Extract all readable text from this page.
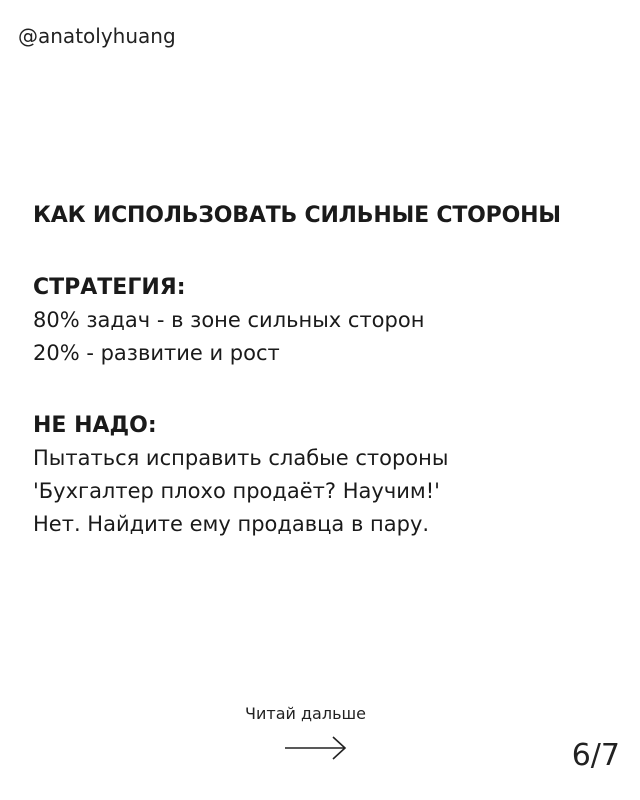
@anatolyhuang
КАК ИСПОЛЬЗОВАТЬ СИЛЬНЫЕ СТОРОНЫ

СТРАТЕГИЯ:

80% задач - в зоне сильных сторон

20% - развитие и рост

НЕ НАДО:

Пытаться исправить слабые стороны

'Бухгалтер плохо продаёт? Научим!'

Нет. Найдите ему продавца в пару.

Читай дальше
6/7
